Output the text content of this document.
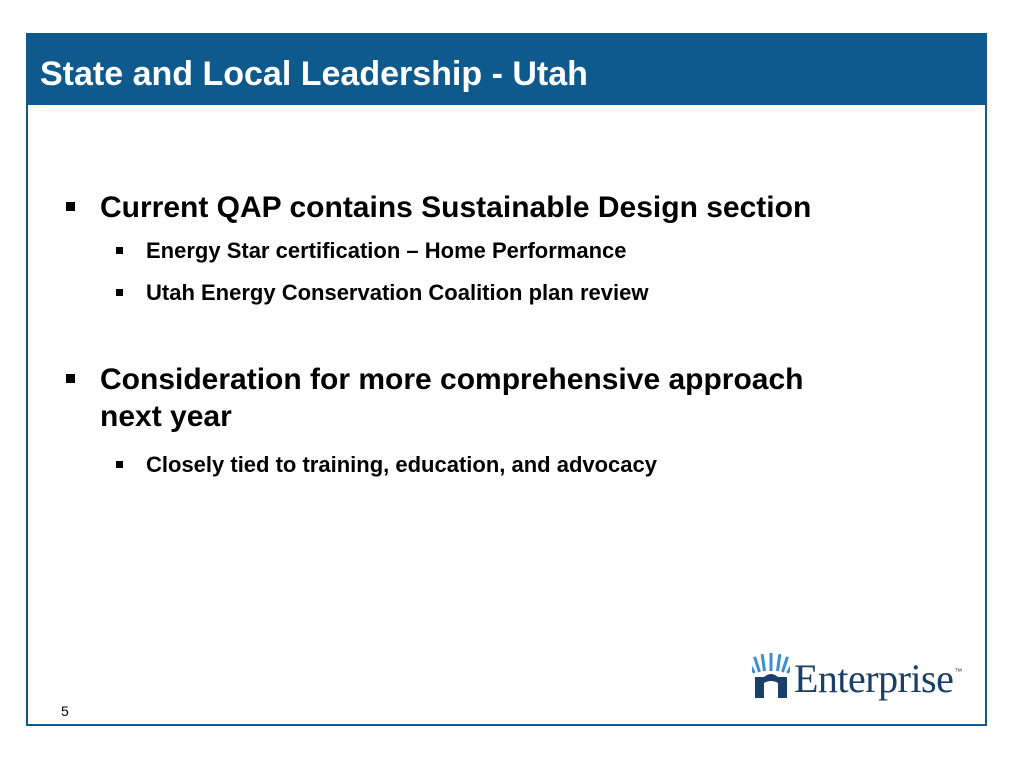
State and Local Leadership - Utah
Current QAP contains Sustainable Design section
Energy Star certification – Home Performance
Utah Energy Conservation Coalition plan review
Consideration for more comprehensive approach
next year
Closely tied to training, education, and advocacy
5
Enterprise ™
